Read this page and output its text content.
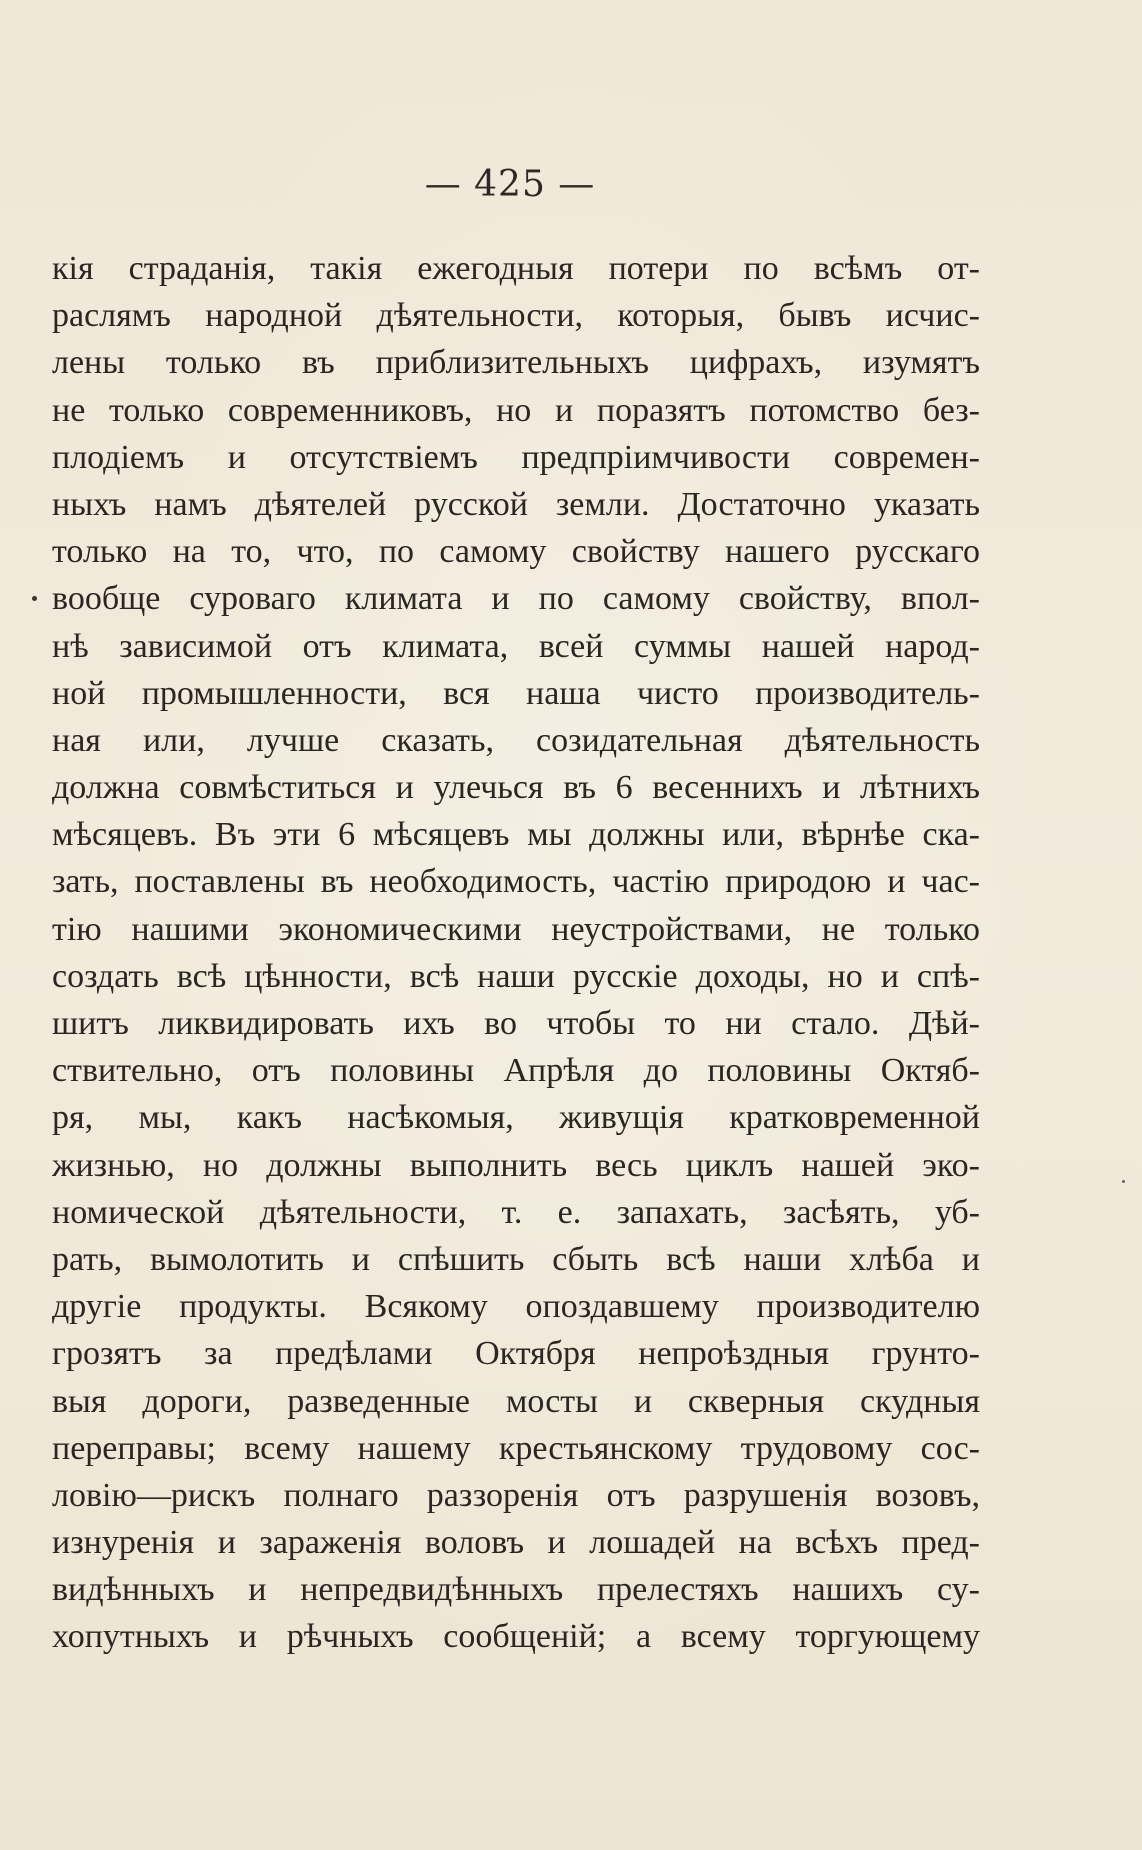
— 425 —
кія страданія, такія ежегодныя потери по всѣмъ от-
раслямъ народной дѣятельности, которыя, бывъ исчис-
лены только въ приблизительныхъ цифрахъ, изумятъ
не только современниковъ, но и поразятъ потомство без-
плодіемъ и отсутствіемъ предпріимчивости современ-
ныхъ намъ дѣятелей русской земли. Достаточно указать
только на то, что, по самому свойству нашего русскаго
вообще суроваго климата и по самому свойству, впол-
нѣ зависимой отъ климата, всей суммы нашей народ-
ной промышленности, вся наша чисто производитель-
ная или, лучше сказать, созидательная дѣятельность
должна совмѣститься и улечься въ 6 весеннихъ и лѣтнихъ
мѣсяцевъ. Въ эти 6 мѣсяцевъ мы должны или, вѣрнѣе ска-
зать, поставлены въ необходимость, частію природою и час-
тію нашими экономическими неустройствами, не только
создать всѣ цѣнности, всѣ наши русскіе доходы, но и спѣ-
шитъ ликвидировать ихъ во чтобы то ни стало. Дѣй-
ствительно, отъ половины Апрѣля до половины Октяб-
ря, мы, какъ насѣкомыя, живущія кратковременной
жизнью, но должны выполнить весь циклъ нашей эко-
номической дѣятельности, т. е. запахать, засѣять, уб-
рать, вымолотить и спѣшить сбыть всѣ наши хлѣба и
другіе продукты. Всякому опоздавшему производителю
грозятъ за предѣлами Октября непроѣздныя грунто-
выя дороги, разведенные мосты и скверныя скудныя
переправы; всему нашему крестьянскому трудовому сос-
ловію—рискъ полнаго раззоренія отъ разрушенія возовъ,
изнуренія и зараженія воловъ и лошадей на всѣхъ пред-
видѣнныхъ и непредвидѣнныхъ прелестяхъ нашихъ су-
хопутныхъ и рѣчныхъ сообщеній; а всему торгующему
